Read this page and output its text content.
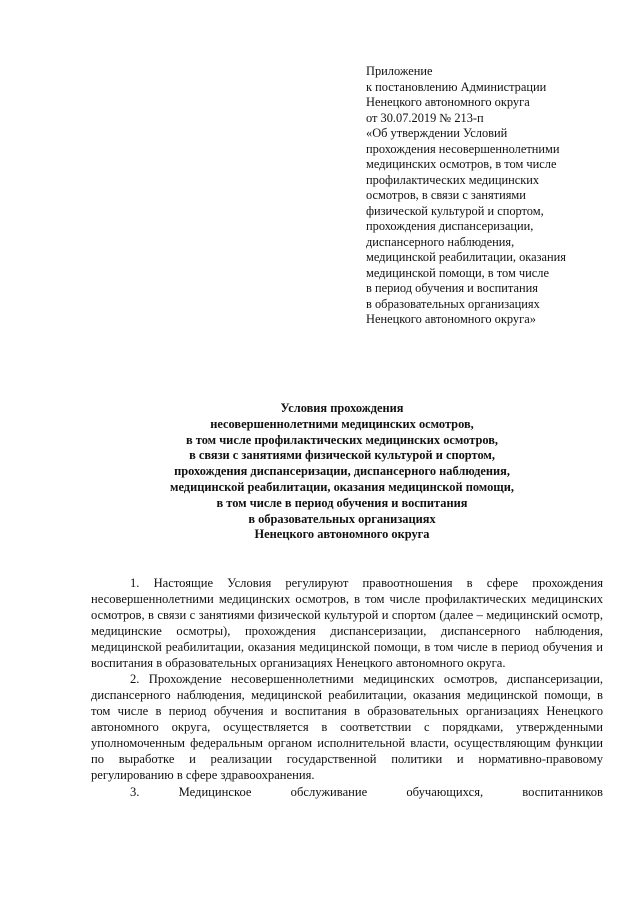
Приложение
к постановлению Администрации
Ненецкого автономного округа
от 30.07.2019 № 213-п
«Об утверждении Условий
прохождения несовершеннолетними
медицинских осмотров, в том числе
профилактических медицинских
осмотров, в связи с занятиями
физической культурой и спортом,
прохождения диспансеризации,
диспансерного наблюдения,
медицинской реабилитации, оказания
медицинской помощи, в том числе
в период обучения и воспитания
в образовательных организациях
Ненецкого автономного округа»
Условия прохождения
несовершеннолетними медицинских осмотров,
в том числе профилактических медицинских осмотров,
в связи с занятиями физической культурой и спортом,
прохождения диспансеризации, диспансерного наблюдения,
медицинской реабилитации, оказания медицинской помощи,
в том числе в период обучения и воспитания
в образовательных организациях
Ненецкого автономного округа

1. Настоящие Условия регулируют правоотношения в сфере прохождения несовершеннолетними медицинских осмотров, в том числе профилактических медицинских осмотров, в связи с занятиями физической культурой и спортом (далее – медицинский осмотр, медицинские осмотры), прохождения диспансеризации, диспансерного наблюдения, медицинской реабилитации, оказания медицинской помощи, в том числе в период обучения и воспитания в образовательных организациях Ненецкого автономного округа.

2. Прохождение несовершеннолетними медицинских осмотров, диспансеризации, диспансерного наблюдения, медицинской реабилитации, оказания медицинской помощи, в том числе в период обучения и воспитания в образовательных организациях Ненецкого автономного округа, осуществляется в соответствии с порядками, утвержденными уполномоченным федеральным органом исполнительной власти, осуществляющим функции по выработке и реализации государственной политики и нормативно-правовому регулированию в сфере здравоохранения.

3. Медицинское обслуживание обучающихся, воспитанников
